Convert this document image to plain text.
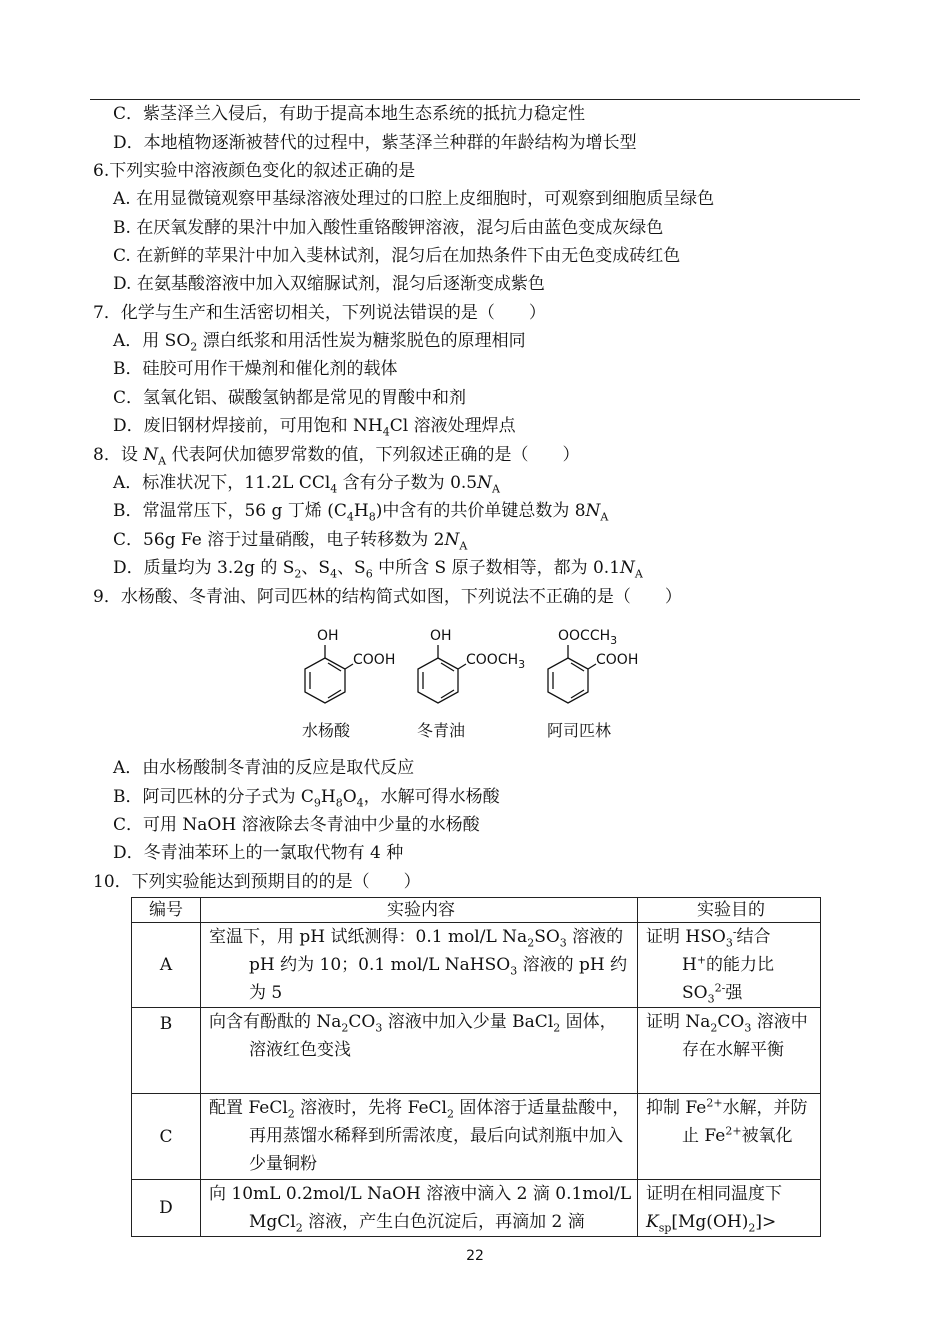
C．紫茎泽兰入侵后，有助于提高本地生态系统的抵抗力稳定性
D．本地植物逐渐被替代的过程中，紫茎泽兰种群的年龄结构为增长型
6.下列实验中溶液颜色变化的叙述正确的是
A. 在用显微镜观察甲基绿溶液处理过的口腔上皮细胞时，可观察到细胞质呈绿色
B. 在厌氧发酵的果汁中加入酸性重铬酸钾溶液，混匀后由蓝色变成灰绿色
C. 在新鲜的苹果汁中加入斐林试剂，混匀后在加热条件下由无色变成砖红色
D. 在氨基酸溶液中加入双缩脲试剂，混匀后逐渐变成紫色
7．化学与生产和生活密切相关，下列说法错误的是（　　）
A．用 $SO_2$ 漂白纸浆和用活性炭为糖浆脱色的原理相同
B．硅胶可用作干燥剂和催化剂的载体
C．氢氧化铝、碳酸氢钠都是常见的胃酸中和剂
D．废旧钢材焊接前，可用饱和 $NH_4Cl$ 溶液处理焊点
8．设 $N_A$ 代表阿伏加德罗常数的值，下列叙述正确的是（　　）
A．标准状况下，11.2L CCl$_4$ 含有分子数为 $0.5N_A$
B．常温常压下，56 g 丁烯 $(C_4H_8)$中含有的共价单键总数为 $8N_A$
C．56g Fe 溶于过量硝酸，电子转移数为 $2N_A$
D．质量均为 3.2g 的 $S_2$、$S_4$、$S_6$ 中所含 S 原子数相等，都为 $0.1N_A$
9．水杨酸、冬青油、阿司匹林的结构简式如图，下列说法不正确的是（　　）
OH
COOH
OH
$COOCH_3$
$OOCCH_3$
COOH
水杨酸	冬青油	阿司匹林
A．由水杨酸制冬青油的反应是取代反应
B．阿司匹林的分子式为 $C_9H_8O_4$，水解可得水杨酸
C．可用 NaOH 溶液除去冬青油中少量的水杨酸
D．冬青油苯环上的一氯取代物有 4 种
10．下列实验能达到预期目的的是（　　）
编号	实验内容	实验目的
A	室温下，用 pH 试纸测得：0.1 mol/L $Na_2SO_3$ 溶液的 pH 约为 10；0.1 mol/L NaHSO$_3$ 溶液的 pH 约为 5	证明 $HSO_3^-$结合 H+的能力比 $SO_3^{2-}$强

B	向含有酚酞的 $Na_2CO_3$ 溶液中加入少量 BaCl$_2$ 固体，溶液红色变浅	证明 $Na_2CO_3$ 溶液中存在水解平衡

C	配置 FeCl$_2$ 溶液时，先将 FeCl$_2$ 固体溶于适量盐酸中，再用蒸馏水稀释到所需浓度，最后向试剂瓶中加入少量铜粉	抑制 $Fe^{2+}$水解，并防止 $Fe^{2+}$被氧化

D	向 10mL 0.2mol/L NaOH 溶液中滴入 2 滴 0.1mol/L MgCl$_2$ 溶液，产生白色沉淀后，再滴加 2 滴	证明在相同温度下
$K_{sp}[Mg(OH)_2]>$
22
